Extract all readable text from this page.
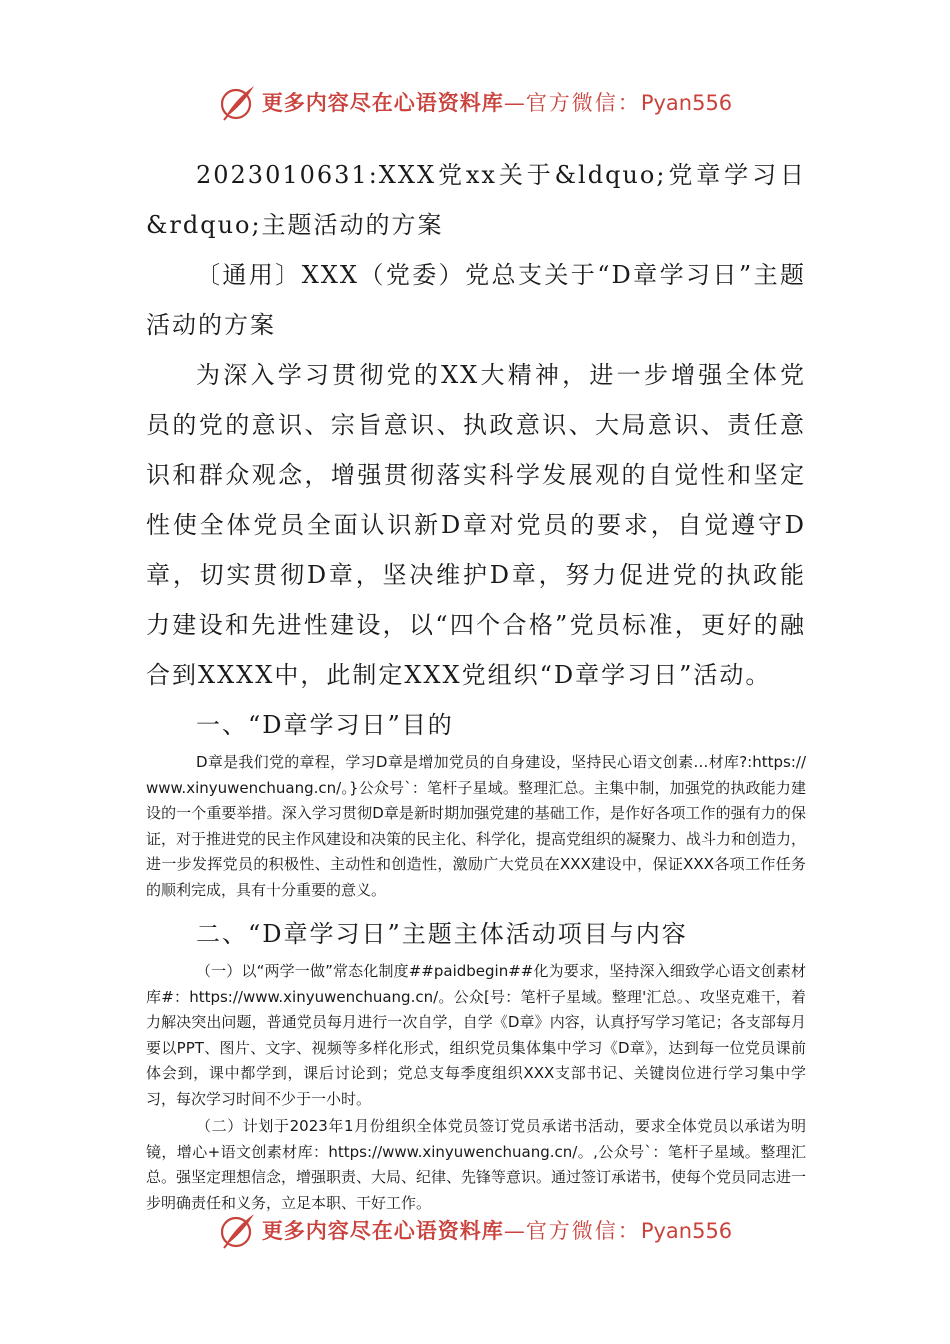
更多内容尽在心语资料库—官方微信：Pyan556

2023010631:XXX党xx关于&ldquo;党章学习日&rdquo;主题活动的方案

〔通用〕XXX（党委）党总支关于“D章学习日”主题活动的方案

为深入学习贯彻党的XX大精神，进一步增强全体党员的党的意识、宗旨意识、执政意识、大局意识、责任意识和群众观念，增强贯彻落实科学发展观的自觉性和坚定性使全体党员全面认识新D章对党员的要求，自觉遵守D章，切实贯彻D章，坚决维护D章，努力促进党的执政能力建设和先进性建设，以“四个合格”党员标准，更好的融合到XXXX中，此制定XXX党组织“D章学习日”活动。

一、“D章学习日”目的

D章是我们党的章程，学习D章是增加党员的自身建设，坚持民心语文创素…材库?:https://www.xinyuwenchuang.cn/。}公众号`：笔杆子星域。整理汇总。主集中制，加强党的执政能力建设的一个重要举措。深入学习贯彻D章是新时期加强党建的基础工作，是作好各项工作的强有力的保证，对于推进党的民主作风建设和决策的民主化、科学化，提高党组织的凝聚力、战斗力和创造力，进一步发挥党员的积极性、主动性和创造性，激励广大党员在XXX建设中，保证XXX各项工作任务的顺利完成，具有十分重要的意义。

二、“D章学习日”主题主体活动项目与内容

（一）以“两学一做”常态化制度##paidbegin##化为要求，坚持深入细致学心语文创素材库#：https://www.xinyuwenchuang.cn/。公众[号：笔杆子星域。整理'汇总。、攻坚克难干，着力解决突出问题，普通党员每月进行一次自学，自学《D章》内容，认真抒写学习笔记；各支部每月要以PPT、图片、文字、视频等多样化形式，组织党员集体集中学习《D章》，达到每一位党员课前体会到，课中都学到，课后讨论到；党总支每季度组织XXX支部书记、关键岗位进行学习集中学习，每次学习时间不少于一小时。

（二）计划于2023年1月份组织全体党员签订党员承诺书活动，要求全体党员以承诺为明镜，增心+语文创素材库：https://www.xinyuwenchuang.cn/。,公众号`：笔杆子星域。整理汇总。强坚定理想信念，增强职责、大局、纪律、先锋等意识。通过签订承诺书，使每个党员同志进一步明确责任和义务，立足本职、干好工作。

更多内容尽在心语资料库—官方微信：Pyan556
